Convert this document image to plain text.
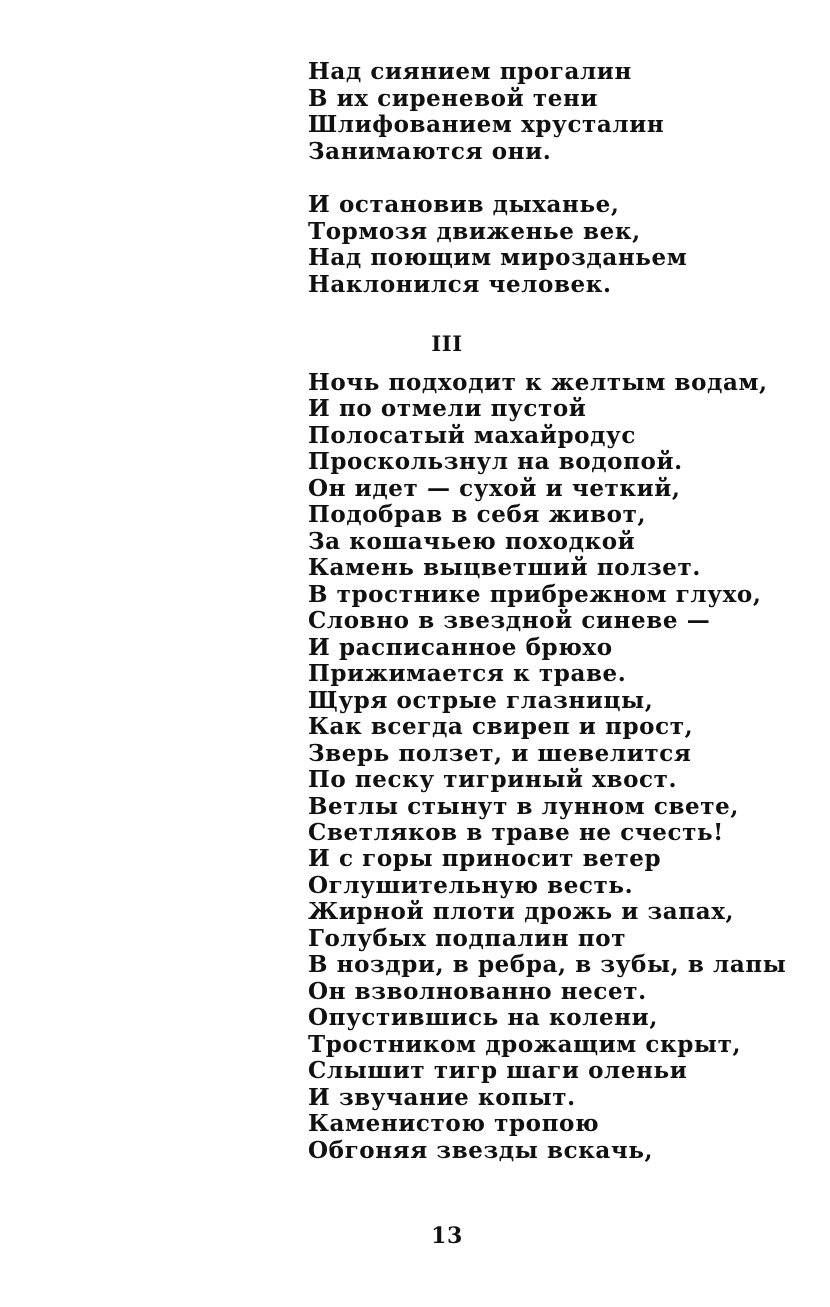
Над сиянием прогалин
В их сиреневой тени
Шлифованием хрусталин
Занимаются они.
И остановив дыханье,
Тормозя движенье век,
Над поющим мирозданьем
Наклонился человек.
III
Ночь подходит к желтым водам,
И по отмели пустой
Полосатый махайродус
Проскользнул на водопой.
Он идет — сухой и четкий,
Подобрав в себя живот,
За кошачьею походкой
Камень выцветший ползет.
В тростнике прибрежном глухо,
Словно в звездной синеве —
И расписанное брюхо
Прижимается к траве.
Щуря острые глазницы,
Как всегда свиреп и прост,
Зверь ползет, и шевелится
По песку тигриный хвост.
Ветлы стынут в лунном свете,
Светляков в траве не счесть!
И с горы приносит ветер
Оглушительную весть.
Жирной плоти дрожь и запах,
Голубых подпалин пот
В ноздри, в ребра, в зубы, в лапы
Он взволнованно несет.
Опустившись на колени,
Тростником дрожащим скрыт,
Слышит тигр шаги оленьи
И звучание копыт.
Каменистою тропою
Обгоняя звезды вскачь,
13
